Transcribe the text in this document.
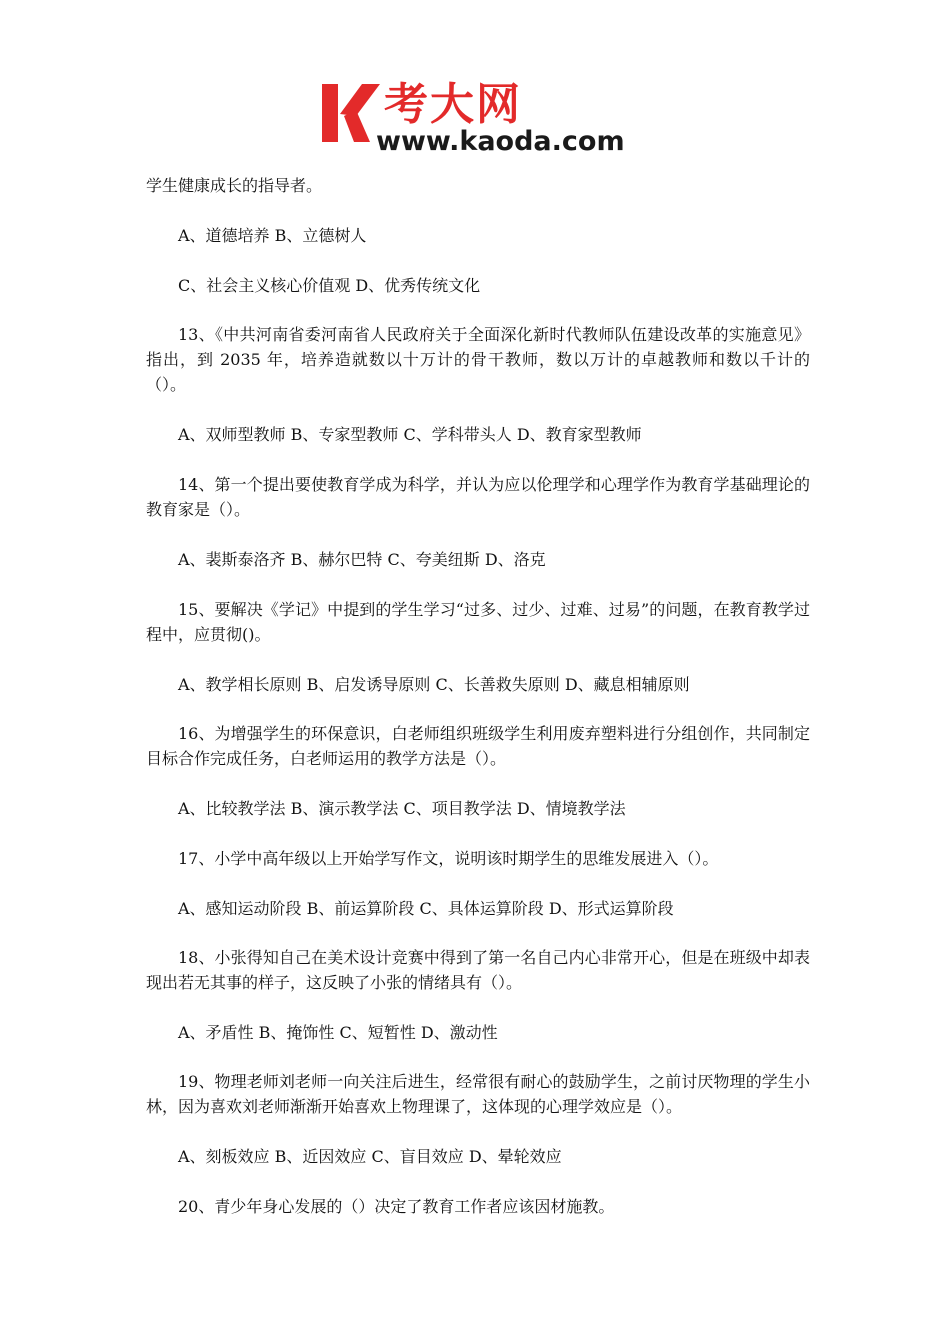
考大网
www.kaoda.com
学生健康成长的指导者。
A、道德培养 B、立德树人
C、社会主义核心价值观 D、优秀传统文化
13、《中共河南省委河南省人民政府关于全面深化新时代教师队伍建设改革的实施意见》指出，到 2035 年，培养造就数以十万计的骨干教师，数以万计的卓越教师和数以千计的（）。
A、双师型教师 B、专家型教师 C、学科带头人 D、教育家型教师
14、第一个提出要使教育学成为科学，并认为应以伦理学和心理学作为教育学基础理论的教育家是（）。
A、裴斯泰洛齐 B、赫尔巴特 C、夸美纽斯 D、洛克
15、要解决《学记》中提到的学生学习“过多、过少、过难、过易”的问题，在教育教学过程中，应贯彻()。
A、教学相长原则 B、启发诱导原则 C、长善救失原则 D、藏息相辅原则
16、为增强学生的环保意识，白老师组织班级学生利用废弃塑料进行分组创作，共同制定目标合作完成任务，白老师运用的教学方法是（）。
A、比较教学法 B、演示教学法 C、项目教学法 D、情境教学法
17、小学中高年级以上开始学写作文，说明该时期学生的思维发展进入（）。
A、感知运动阶段 B、前运算阶段 C、具体运算阶段 D、形式运算阶段
18、小张得知自己在美术设计竞赛中得到了第一名自己内心非常开心，但是在班级中却表现出若无其事的样子，这反映了小张的情绪具有（）。
A、矛盾性 B、掩饰性 C、短暂性 D、激动性
19、物理老师刘老师一向关注后进生，经常很有耐心的鼓励学生，之前讨厌物理的学生小林，因为喜欢刘老师渐渐开始喜欢上物理课了，这体现的心理学效应是（）。
A、刻板效应 B、近因效应 C、盲目效应 D、晕轮效应
20、青少年身心发展的（）决定了教育工作者应该因材施教。
